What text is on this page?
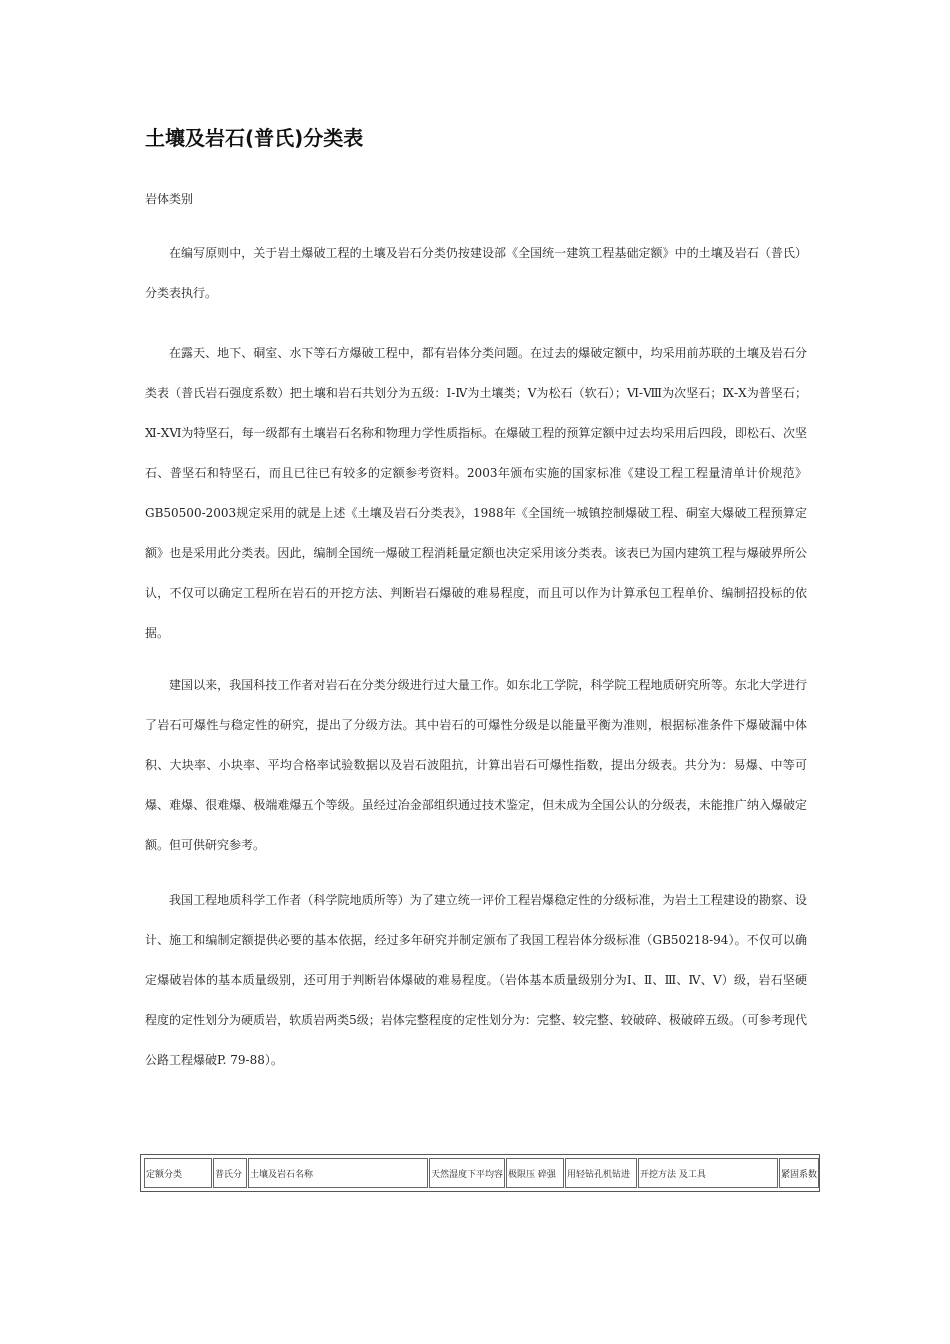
土壤及岩石(普氏)分类表

岩体类别

在编写原则中，关于岩土爆破工程的土壤及岩石分类仍按建设部《全国统一建筑工程基础定额》中的土壤及岩石（普氏）分类表执行。

在露天、地下、硐室、水下等石方爆破工程中，都有岩体分类问题。在过去的爆破定额中，均采用前苏联的土壤及岩石分类表（普氏岩石强度系数）把土壤和岩石共划分为五级：Ⅰ-Ⅳ为土壤类；Ⅴ为松石（软石）；Ⅵ-Ⅷ为次坚石；Ⅸ-Ⅹ为普坚石；Ⅺ-ⅩⅥ为特坚石，每一级都有土壤岩石名称和物理力学性质指标。在爆破工程的预算定额中过去均采用后四段，即松石、次坚石、普坚石和特坚石，而且已往已有较多的定额参考资料。2003年颁布实施的国家标准《建设工程工程量清单计价规范》GB50500-2003规定采用的就是上述《土壤及岩石分类表》，1988年《全国统一城镇控制爆破工程、硐室大爆破工程预算定额》也是采用此分类表。因此，编制全国统一爆破工程消耗量定额也决定采用该分类表。该表已为国内建筑工程与爆破界所公认，不仅可以确定工程所在岩石的开挖方法、判断岩石爆破的难易程度，而且可以作为计算承包工程单价、编制招投标的依据。

建国以来，我国科技工作者对岩石在分类分级进行过大量工作。如东北工学院，科学院工程地质研究所等。东北大学进行了岩石可爆性与稳定性的研究，提出了分级方法。其中岩石的可爆性分级是以能量平衡为准则，根据标准条件下爆破漏中体积、大块率、小块率、平均合格率试验数据以及岩石波阻抗，计算出岩石可爆性指数，提出分级表。共分为：易爆、中等可爆、难爆、很难爆、极端难爆五个等级。虽经过冶金部组织通过技术鉴定，但未成为全国公认的分级表，未能推广纳入爆破定额。但可供研究参考。

我国工程地质科学工作者（科学院地质所等）为了建立统一评价工程岩爆稳定性的分级标准，为岩土工程建设的勘察、设计、施工和编制定额提供必要的基本依据，经过多年研究并制定颁布了我国工程岩体分级标准（GB50218-94）。不仅可以确定爆破岩体的基本质量级别，还可用于判断岩体爆破的难易程度。（岩体基本质量级别分为Ⅰ、Ⅱ、Ⅲ、Ⅳ、Ⅴ）级，岩石坚硬程度的定性划分为硬质岩，软质岩两类5级；岩体完整程度的定性划分为：完整、较完整、较破碎、极破碎五级。（可参考现代公路工程爆破P. 79-88）。

定额分类	普氏分	土壤及岩石名称	天然湿度下平均容	极限压 碎强	用轻钻孔机钻进	开挖方法 及工具	紧固系数
